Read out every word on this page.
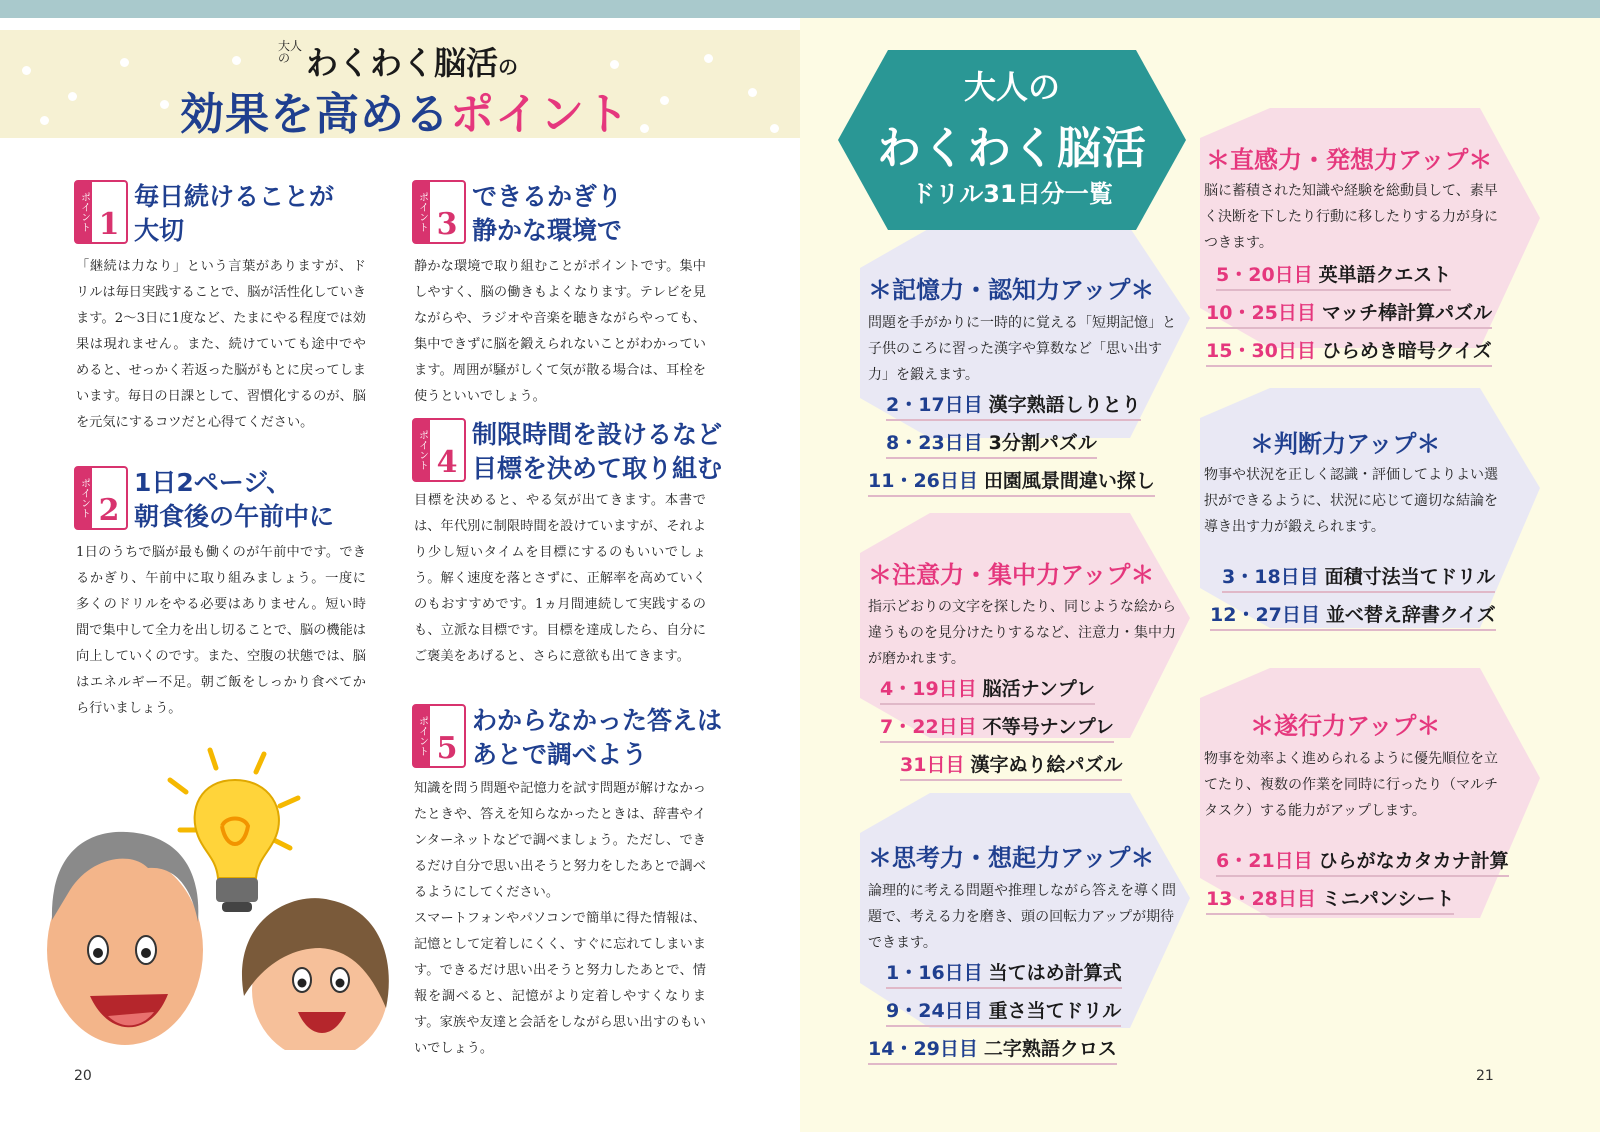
大人の わくわく脳活の
効果を高めるポイント
ポイント 1
毎日続けることが
大切
「継続は力なり」という言葉がありますが、ドリルは毎日実践することで、脳が活性化していきます。2〜3日に1度など、たまにやる程度では効果は現れません。また、続けていても途中でやめると、せっかく若返った脳がもとに戻ってしまいます。毎日の日課として、習慣化するのが、脳を元気にするコツだと心得てください。
ポイント 2
1日2ページ、
朝食後の午前中に
1日のうちで脳が最も働くのが午前中です。できるかぎり、午前中に取り組みましょう。一度に多くのドリルをやる必要はありません。短い時間で集中して全力を出し切ることで、脳の機能は向上していくのです。また、空腹の状態では、脳はエネルギー不足。朝ご飯をしっかり食べてから行いましょう。
ポイント 3
できるかぎり
静かな環境で
静かな環境で取り組むことがポイントです。集中しやすく、脳の働きもよくなります。テレビを見ながらや、ラジオや音楽を聴きながらやっても、集中できずに脳を鍛えられないことがわかっています。周囲が騒がしくて気が散る場合は、耳栓を使うといいでしょう。
ポイント 4
制限時間を設けるなど
目標を決めて取り組む
目標を決めると、やる気が出てきます。本書では、年代別に制限時間を設けていますが、それより少し短いタイムを目標にするのもいいでしょう。解く速度を落とさずに、正解率を高めていくのもおすすめです。1ヵ月間連続して実践するのも、立派な目標です。目標を達成したら、自分にご褒美をあげると、さらに意欲も出てきます。
ポイント 5
わからなかった答えは
あとで調べよう
知識を問う問題や記憶力を試す問題が解けなかったときや、答えを知らなかったときは、辞書やインターネットなどで調べましょう。ただし、できるだけ自分で思い出そうと努力をしたあとで調べるようにしてください。
スマートフォンやパソコンで簡単に得た情報は、記憶として定着しにくく、すぐに忘れてしまいます。できるだけ思い出そうと努力したあとで、情報を調べると、記憶がより定着しやすくなります。家族や友達と会話をしながら思い出すのもいいでしょう。
20
大人の
わくわく脳活
ドリル31日分一覧
＊記憶力・認知力アップ＊
問題を手がかりに一時的に覚える「短期記憶」と子供のころに習った漢字や算数など「思い出す力」を鍛えます。
2・17日目 漢字熟語しりとり
8・23日目 3分割パズル
11・26日目 田園風景間違い探し
＊注意力・集中力アップ＊
指示どおりの文字を探したり、同じような絵から違うものを見分けたりするなど、注意力・集中力が磨かれます。
4・19日目 脳活ナンプレ
7・22日目 不等号ナンプレ
31日目 漢字ぬり絵パズル
＊思考力・想起力アップ＊
論理的に考える問題や推理しながら答えを導く問題で、考える力を磨き、頭の回転力アップが期待できます。
1・16日目 当てはめ計算式
9・24日目 重さ当てドリル
14・29日目 二字熟語クロス
＊直感力・発想力アップ＊
脳に蓄積された知識や経験を総動員して、素早く決断を下したり行動に移したりする力が身につきます。
5・20日目 英単語クエスト
10・25日目 マッチ棒計算パズル
15・30日目 ひらめき暗号クイズ
＊判断力アップ＊
物事や状況を正しく認識・評価してよりよい選択ができるように、状況に応じて適切な結論を導き出す力が鍛えられます。
3・18日目 面積寸法当てドリル
12・27日目 並べ替え辞書クイズ
＊遂行力アップ＊
物事を効率よく進められるように優先順位を立てたり、複数の作業を同時に行ったり（マルチタスク）する能力がアップします。
6・21日目 ひらがなカタカナ計算
13・28日目 ミニパンシート
21
